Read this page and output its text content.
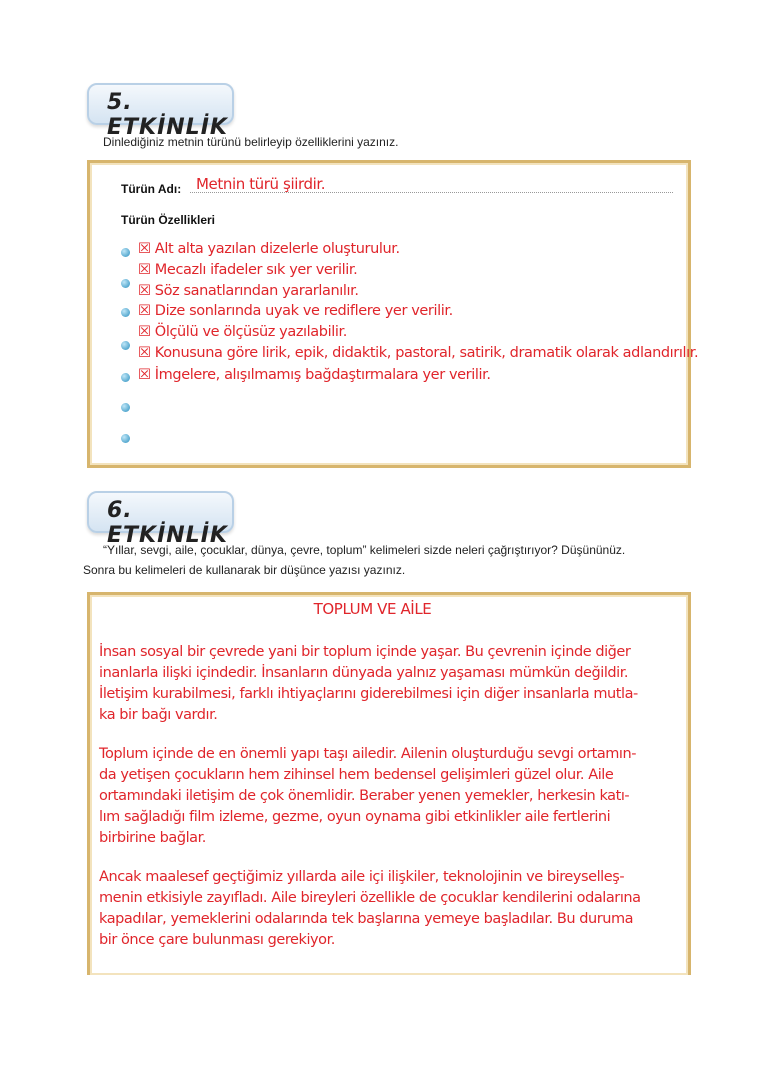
5. ETKİNLİK
Dinlediğiniz metnin türünü belirleyip özelliklerini yazınız.
Türün Adı: Metnin türü şiirdir.
Türün Özellikleri
☒ Alt alta yazılan dizelerle oluşturulur.
☒ Mecazlı ifadeler sık yer verilir.
☒ Söz sanatlarından yararlanılır.
☒ Dize sonlarında uyak ve rediflere yer verilir.
☒ Ölçülü ve ölçüsüz yazılabilir.
☒ Konusuna göre lirik, epik, didaktik, pastoral, satirik, dramatik olarak adlandırılır.
☒ İmgelere, alışılmamış bağdaştırmalara yer verilir.
6. ETKİNLİK
“Yıllar, sevgi, aile, çocuklar, dünya, çevre, toplum” kelimeleri sizde neleri çağrıştırıyor? Düşününüz.
Sonra bu kelimeleri de kullanarak bir düşünce yazısı yazınız.
TOPLUM VE AİLE

İnsan sosyal bir çevrede yani bir toplum içinde yaşar. Bu çevrenin içinde diğer
inanlarla ilişki içindedir. İnsanların dünyada yalnız yaşaması mümkün değildir.
İletişim kurabilmesi, farklı ihtiyaçlarını giderebilmesi için diğer insanlarla mutla-
ka bir bağı vardır.

Toplum içinde de en önemli yapı taşı ailedir. Ailenin oluşturduğu sevgi ortamın-
da yetişen çocukların hem zihinsel hem bedensel gelişimleri güzel olur. Aile
ortamındaki iletişim de çok önemlidir. Beraber yenen yemekler, herkesin katı-
lım sağladığı film izleme, gezme, oyun oynama gibi etkinlikler aile fertlerini
birbirine bağlar.

Ancak maalesef geçtiğimiz yıllarda aile içi ilişkiler, teknolojinin ve bireyselleş-
menin etkisiyle zayıfladı. Aile bireyleri özellikle de çocuklar kendilerini odalarına
kapadılar, yemeklerini odalarında tek başlarına yemeye başladılar. Bu duruma
bir önce çare bulunması gerekiyor.
